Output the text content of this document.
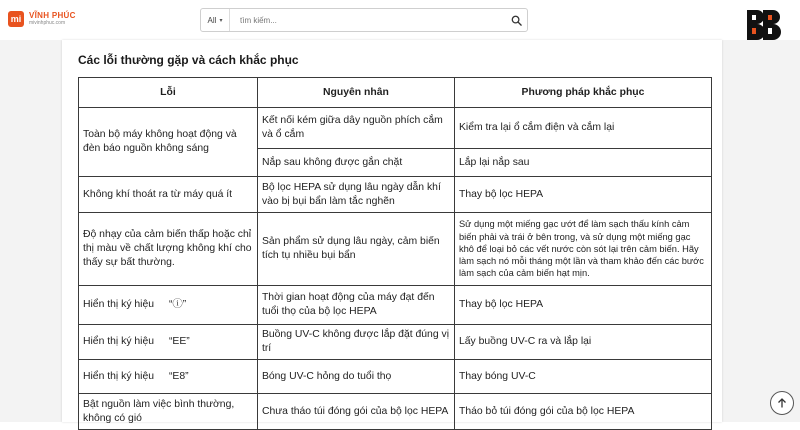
mi VĨNH PHÚC
mivinhphuc.com	All ▾
tìm kiếm...
Các lỗi thường gặp và cách khắc phục
Lỗi	Nguyên nhân	Phương pháp khắc phục
Toàn bộ máy không hoạt động và đèn báo nguồn không sáng	Kết nối kém giữa dây nguồn phích cắm và ổ cắm	Kiểm tra lại ổ cắm điện và cắm lại
	Nắp sau không được gắn chặt	Lắp lại nắp sau
Không khí thoát ra từ máy quá ít	Bộ lọc HEPA sử dụng lâu ngày dẫn khí vào bị bụi bẩn làm tắc nghẽn	Thay bộ lọc HEPA
Độ nhạy của cảm biến thấp hoặc chỉ thị màu về chất lượng không khí cho thấy sự bất thường.	Sản phẩm sử dụng lâu ngày, cảm biến tích tụ nhiều bụi bẩn	Sử dụng một miếng gạc ướt để làm sạch thấu kính cảm biến phải và trái ở bên trong, và sử dụng một miếng gạc khô để loại bỏ các vết nước còn sót lại trên cảm biến. Hãy làm sạch nó mỗi tháng một lần và tham khảo đến các bước làm sạch của cảm biến hạt mịn.
Hiển thị ký hiệu “ⓘ”	Thời gian hoạt động của máy đạt đến tuổi thọ của bộ lọc HEPA	Thay bộ lọc HEPA
Hiển thị ký hiệu “EE”	Buồng UV-C không được lắp đặt đúng vị trí	Lấy buồng UV-C ra và lắp lại
Hiển thị ký hiệu “E8”	Bóng UV-C hỏng do tuổi thọ	Thay bóng UV-C
Bật nguồn làm việc bình thường, không có gió	Chưa tháo túi đóng gói của bộ lọc HEPA	Tháo bỏ túi đóng gói của bộ lọc HEPA
